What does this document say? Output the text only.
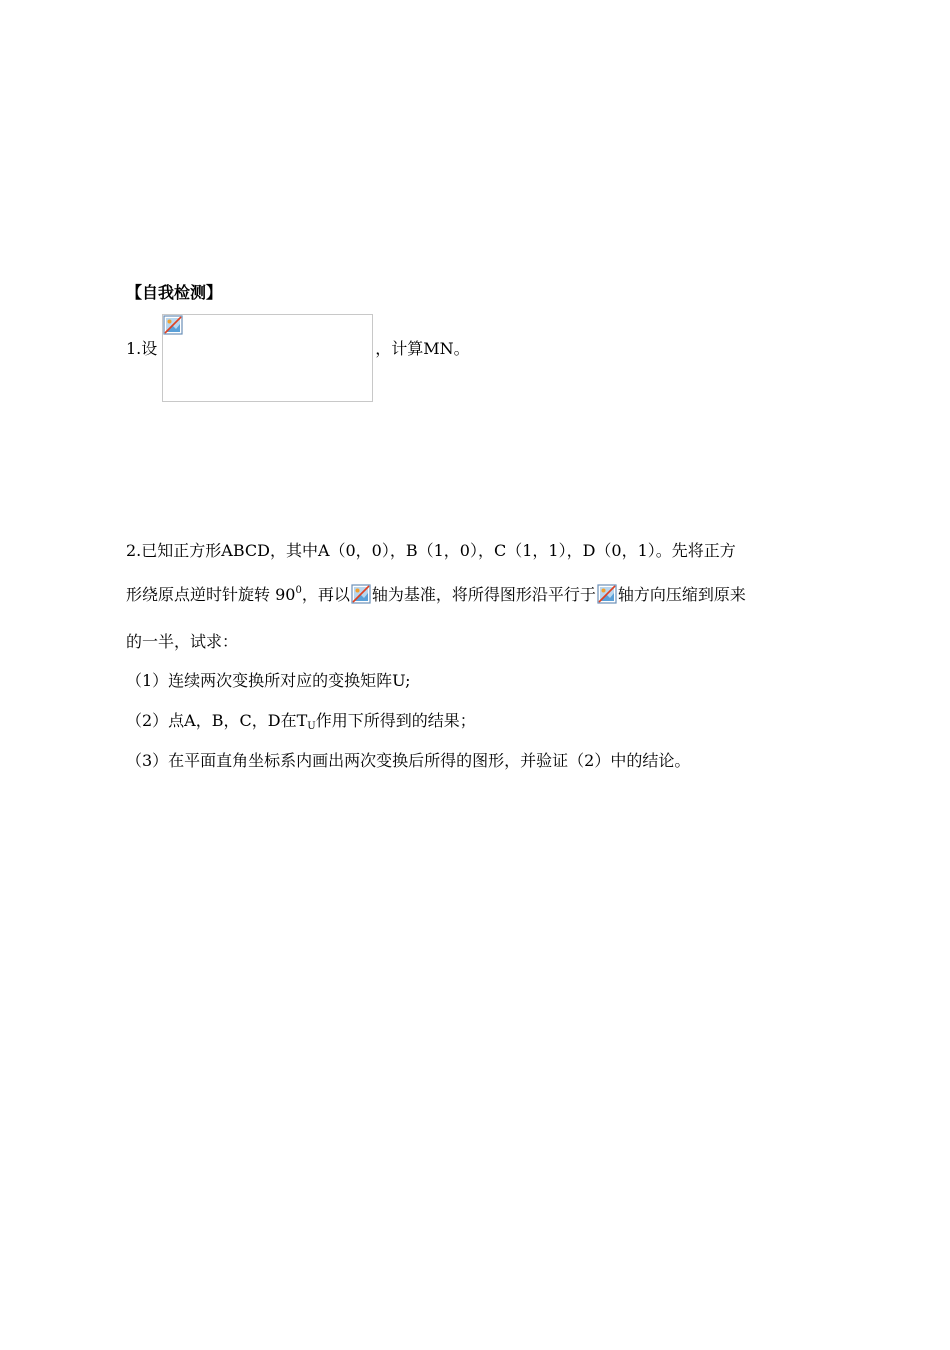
【自我检测】
1.设	，计算MN。
2.已知正方形ABCD，其中A（0，0），B（1，0），C（1，1），D（0，1）。先将正方
形绕原点逆时针旋转 $90^0$，再以 轴为基准，将所得图形沿平行于 轴方向压缩到原来
的一半，试求：
（1）连续两次变换所对应的变换矩阵U;
（2）点A，B，C，D在$T_U$作用下所得到的结果；
（3）在平面直角坐标系内画出两次变换后所得的图形，并验证（2）中的结论。
